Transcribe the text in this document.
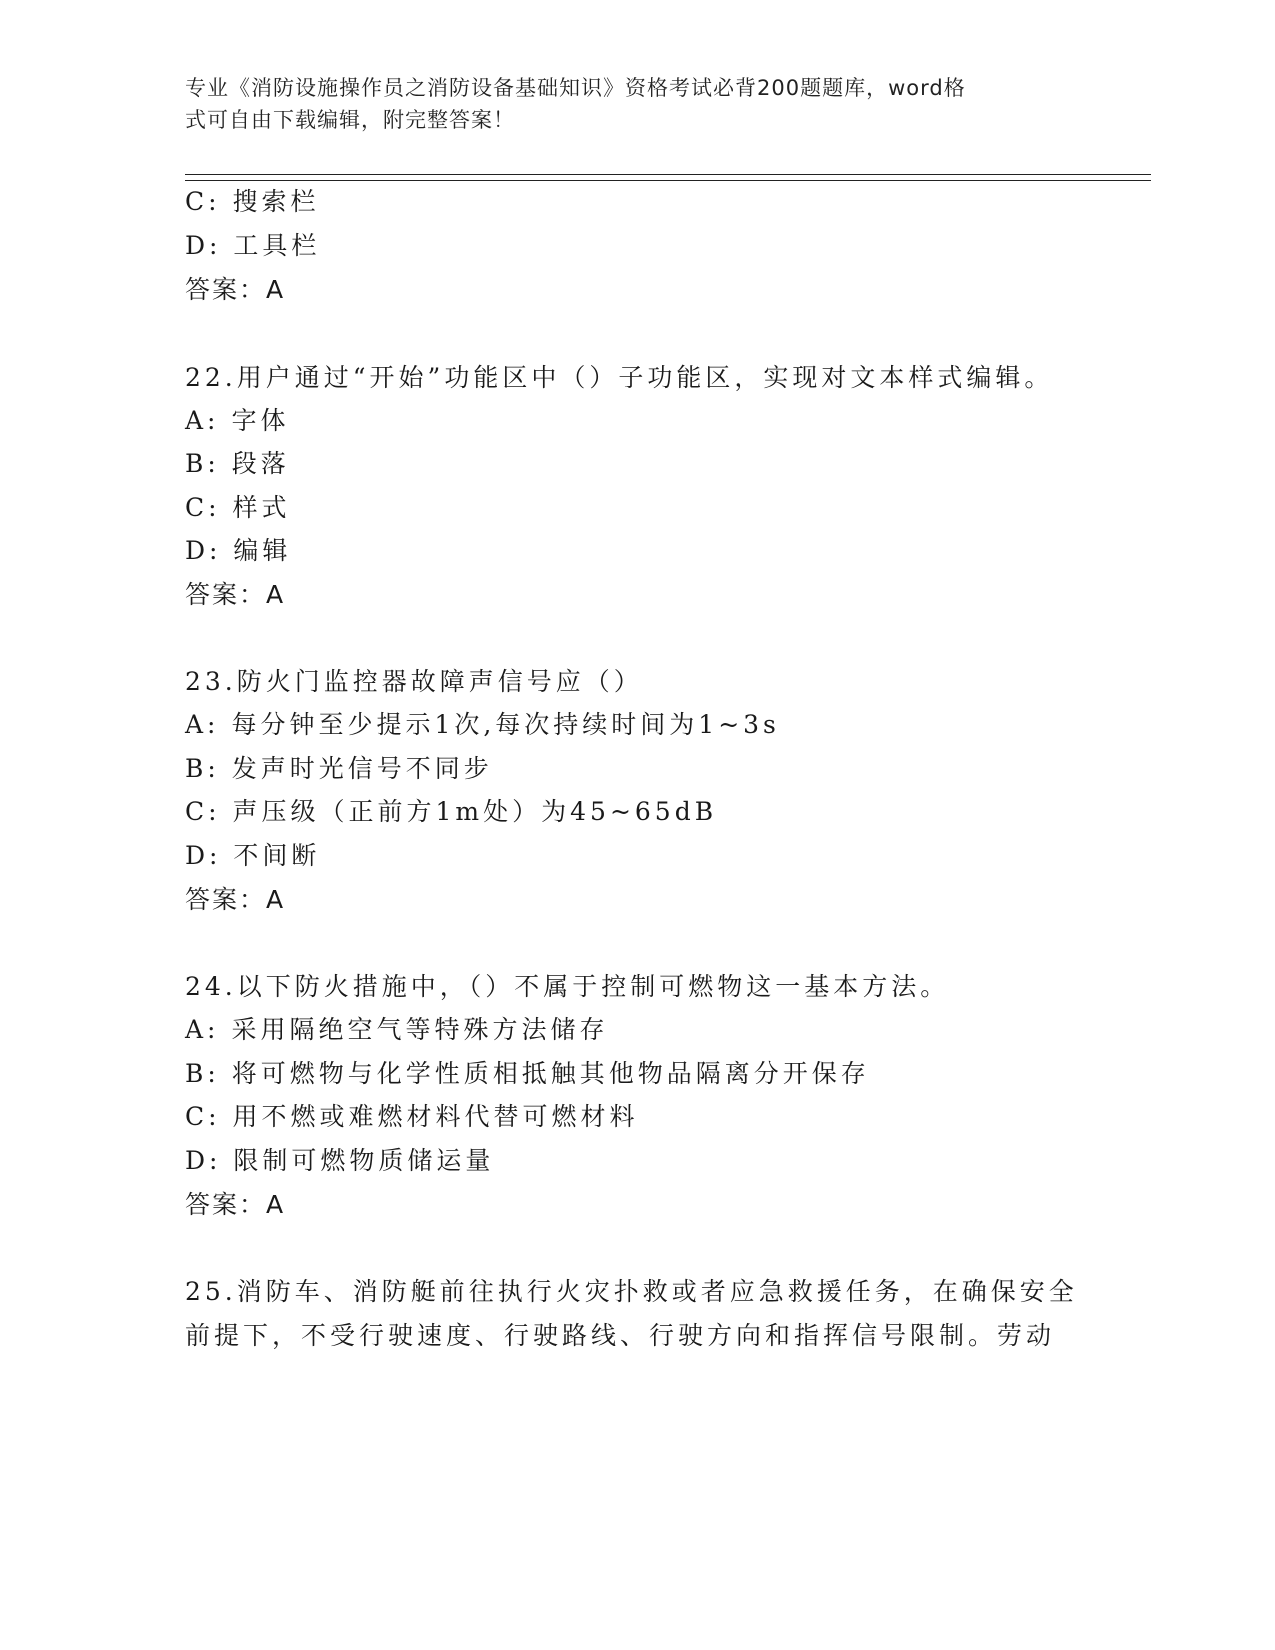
专业《消防设施操作员之消防设备基础知识》资格考试必背200题题库，word格
式可自由下载编辑，附完整答案！
C: 搜索栏
D: 工具栏
答案：A
22.用户通过“开始”功能区中（）子功能区，实现对文本样式编辑。
A: 字体
B: 段落
C: 样式
D: 编辑
答案：A
23.防火门监控器故障声信号应（）
A: 每分钟至少提示1次,每次持续时间为1~3s
B: 发声时光信号不同步
C: 声压级（正前方1m处）为45~65dB
D: 不间断
答案：A
24.以下防火措施中，（）不属于控制可燃物这一基本方法。
A: 采用隔绝空气等特殊方法储存
B: 将可燃物与化学性质相抵触其他物品隔离分开保存
C: 用不燃或难燃材料代替可燃材料
D: 限制可燃物质储运量
答案：A
25.消防车、消防艇前往执行火灾扑救或者应急救援任务，在确保安全
前提下，不受行驶速度、行驶路线、行驶方向和指挥信号限制。劳动
